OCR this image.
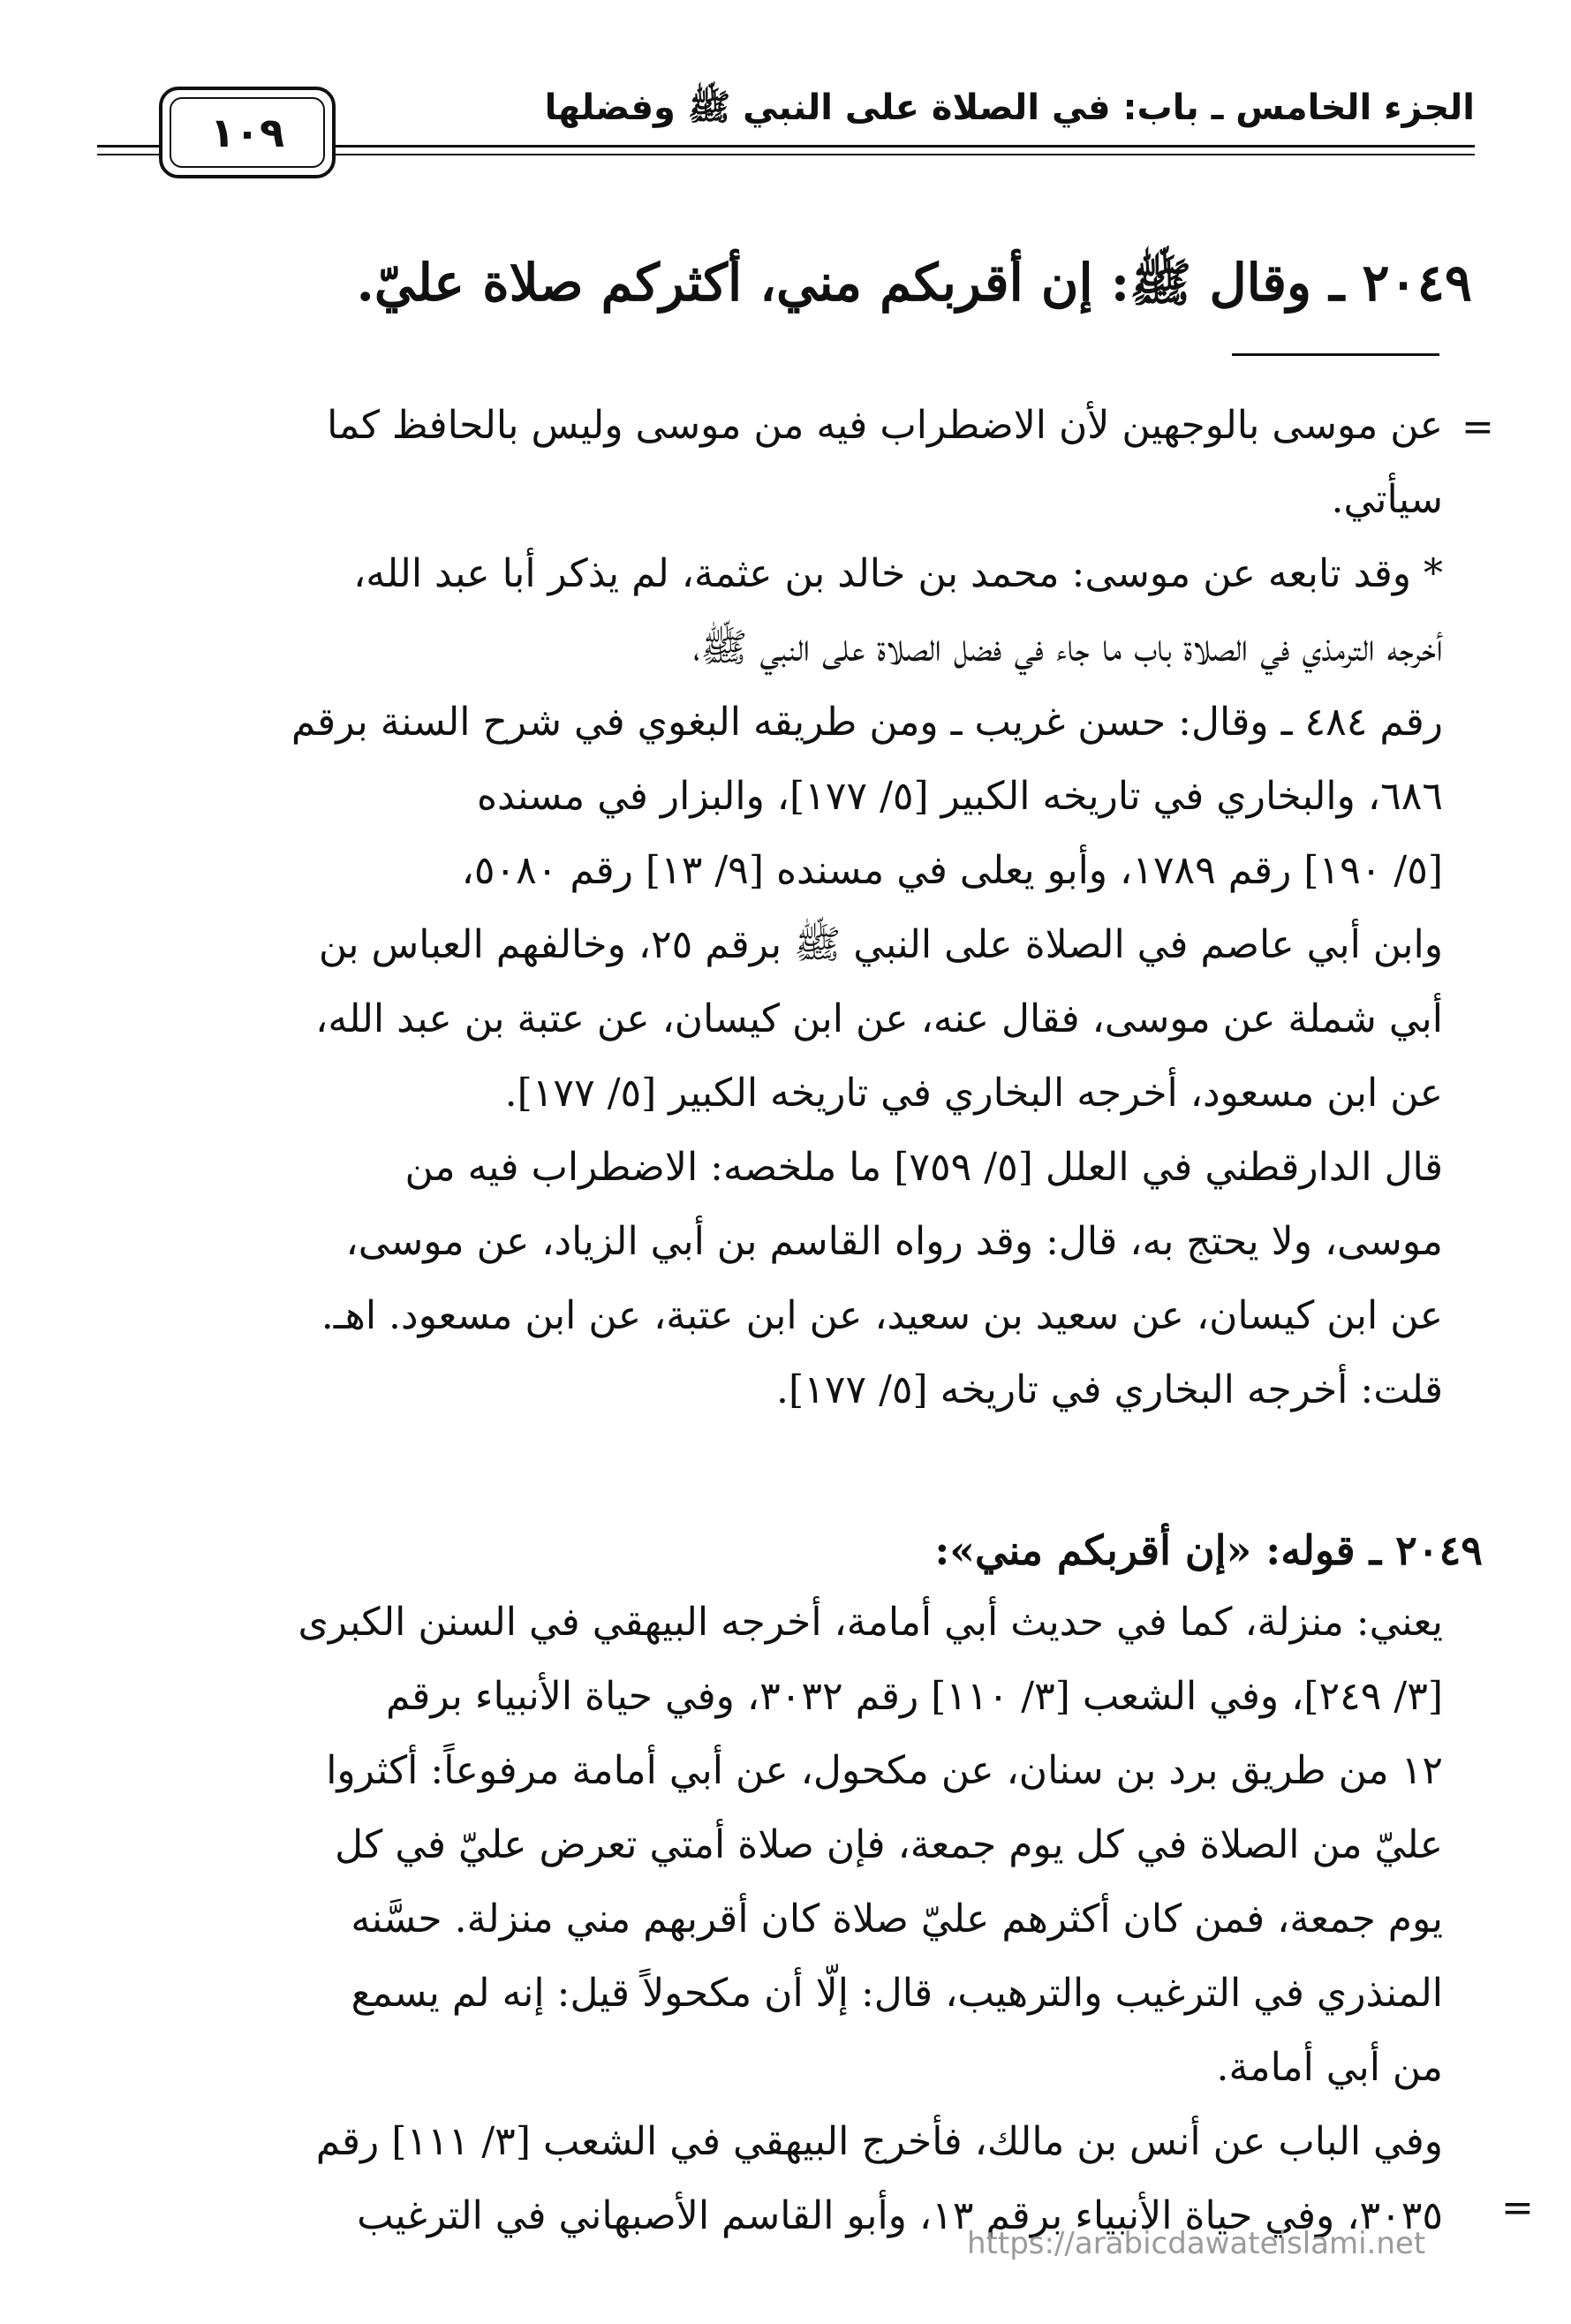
الجزء الخامس ـ باب: في الصلاة على النبي ﷺ وفضلها
١٠٩
٢٠٤٩ ـ وقال ﷺ: إن أقربكم مني، أكثركم صلاة عليّ.
=
عن موسى بالوجهين لأن الاضطراب فيه من موسى وليس بالحافظ كما
سيأتي.
* وقد تابعه عن موسى: محمد بن خالد بن عثمة، لم يذكر أبا عبد الله،
أخرجه الترمذي في الصلاة باب ما جاء في فضل الصلاة على النبي ﷺ،
رقم ٤٨٤ ـ وقال: حسن غريب ـ ومن طريقه البغوي في شرح السنة برقم
٦٨٦، والبخاري في تاريخه الكبير [٥/ ١٧٧]، والبزار في مسنده
[٥/ ١٩٠] رقم ١٧٨٩، وأبو يعلى في مسنده [٩/ ١٣] رقم ٥٠٨٠،
وابن أبي عاصم في الصلاة على النبي ﷺ برقم ٢٥، وخالفهم العباس بن
أبي شملة عن موسى، فقال عنه، عن ابن كيسان، عن عتبة بن عبد الله،
عن ابن مسعود، أخرجه البخاري في تاريخه الكبير [٥/ ١٧٧].
قال الدارقطني في العلل [٥/ ٧٥٩] ما ملخصه: الاضطراب فيه من
موسى، ولا يحتج به، قال: وقد رواه القاسم بن أبي الزياد، عن موسى،
عن ابن كيسان، عن سعيد بن سعيد، عن ابن عتبة، عن ابن مسعود. اهـ.
قلت: أخرجه البخاري في تاريخه [٥/ ١٧٧].
٢٠٤٩ ـ قوله: «إن أقربكم مني»:
يعني: منزلة، كما في حديث أبي أمامة، أخرجه البيهقي في السنن الكبرى
[٣/ ٢٤٩]، وفي الشعب [٣/ ١١٠] رقم ٣٠٣٢، وفي حياة الأنبياء برقم
١٢ من طريق برد بن سنان، عن مكحول، عن أبي أمامة مرفوعاً: أكثروا
عليّ من الصلاة في كل يوم جمعة، فإن صلاة أمتي تعرض عليّ في كل
يوم جمعة، فمن كان أكثرهم عليّ صلاة كان أقربهم مني منزلة. حسَّنه
المنذري في الترغيب والترهيب، قال: إلّا أن مكحولاً قيل: إنه لم يسمع
من أبي أمامة.
وفي الباب عن أنس بن مالك، فأخرج البيهقي في الشعب [٣/ ١١١] رقم
٣٠٣٥، وفي حياة الأنبياء برقم ١٣، وأبو القاسم الأصبهاني في الترغيب =
https://arabicdawateislami.net
